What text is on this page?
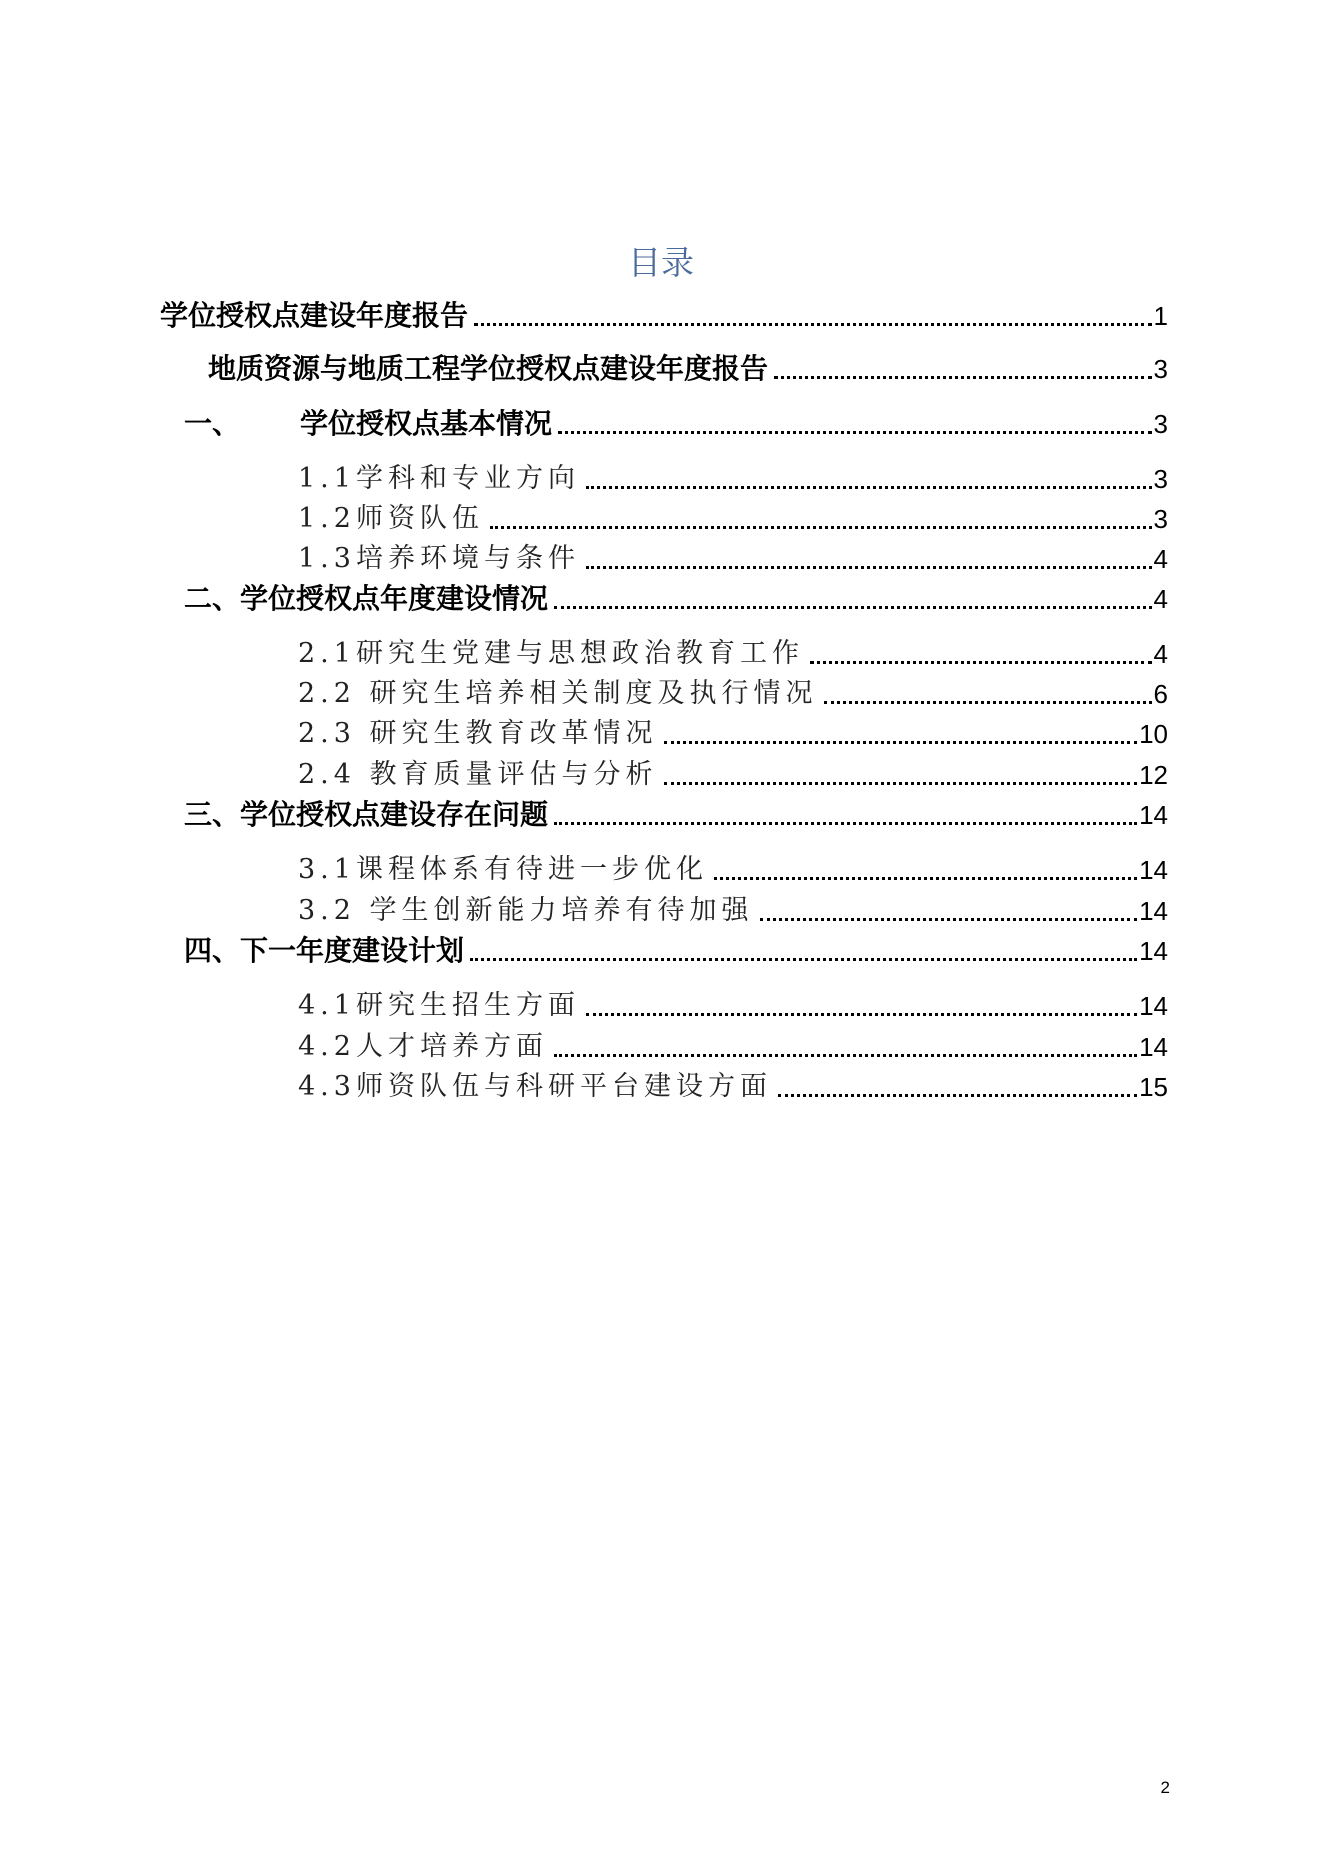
目录
学位授权点建设年度报告	1
地质资源与地质工程学位授权点建设年度报告	3
一、 学位授权点基本情况	3
1.1学科和专业方向	3
1.2师资队伍	3
1.3培养环境与条件	4
二、学位授权点年度建设情况	4
2.1研究生党建与思想政治教育工作	4
2.2 研究生培养相关制度及执行情况	6
2.3 研究生教育改革情况	10
2.4 教育质量评估与分析	12
三、学位授权点建设存在问题	14
3.1课程体系有待进一步优化	14
3.2 学生创新能力培养有待加强	14
四、下一年度建设计划	14
4.1研究生招生方面	14
4.2人才培养方面	14
4.3师资队伍与科研平台建设方面	15
2
